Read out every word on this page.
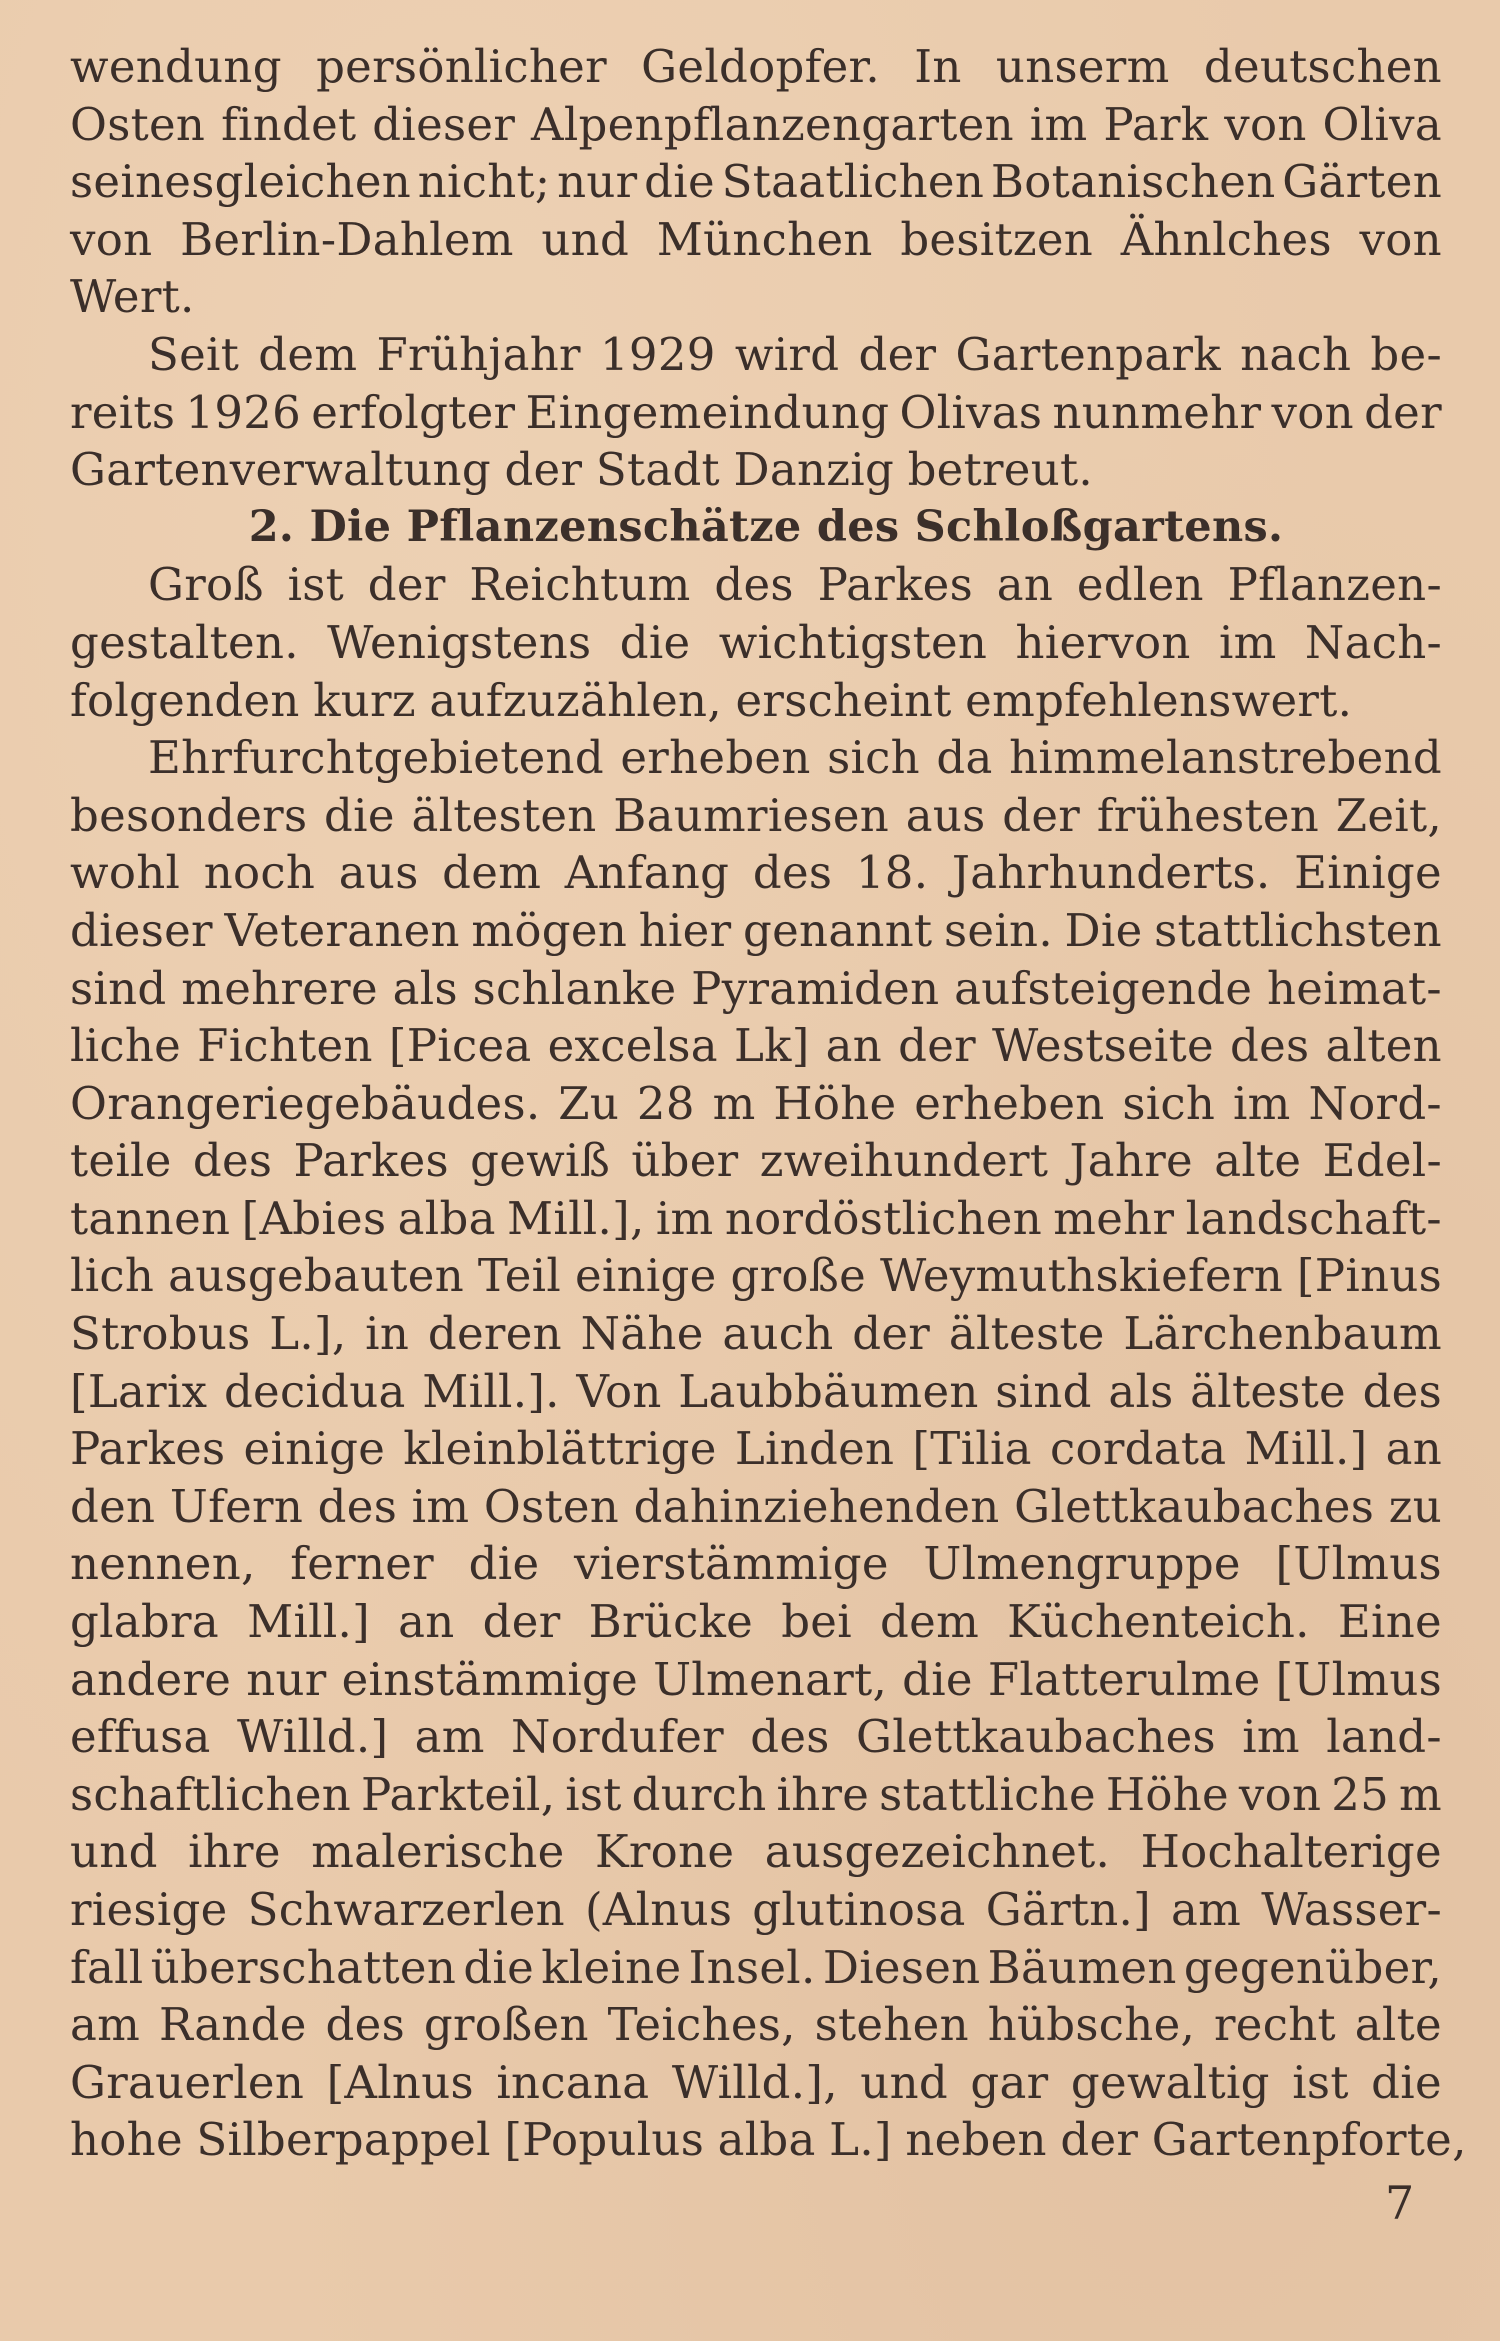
wendung persönlicher Geldopfer. In unserm deutschen
Osten findet dieser Alpenpflanzengarten im Park von Oliva
seinesgleichen nicht; nur die Staatlichen Botanischen Gärten
von Berlin-Dahlem und München besitzen Ähnlches von
Wert.
Seit dem Frühjahr 1929 wird der Gartenpark nach be-
reits 1926 erfolgter Eingemeindung Olivas nunmehr von der
Gartenverwaltung der Stadt Danzig betreut.
2. Die Pflanzenschätze des Schloßgartens.
Groß ist der Reichtum des Parkes an edlen Pflanzen-
gestalten. Wenigstens die wichtigsten hiervon im Nach-
folgenden kurz aufzuzählen, erscheint empfehlenswert.
Ehrfurchtgebietend erheben sich da himmelanstrebend
besonders die ältesten Baumriesen aus der frühesten Zeit,
wohl noch aus dem Anfang des 18. Jahrhunderts. Einige
dieser Veteranen mögen hier genannt sein. Die stattlichsten
sind mehrere als schlanke Pyramiden aufsteigende heimat-
liche Fichten [Picea excelsa Lk] an der Westseite des alten
Orangeriegebäudes. Zu 28 m Höhe erheben sich im Nord-
teile des Parkes gewiß über zweihundert Jahre alte Edel-
tannen [Abies alba Mill.], im nordöstlichen mehr landschaft-
lich ausgebauten Teil einige große Weymuthskiefern [Pinus
Strobus L.], in deren Nähe auch der älteste Lärchenbaum
[Larix decidua Mill.]. Von Laubbäumen sind als älteste des
Parkes einige kleinblättrige Linden [Tilia cordata Mill.] an
den Ufern des im Osten dahinziehenden Glettkaubaches zu
nennen, ferner die vierstämmige Ulmengruppe [Ulmus
glabra Mill.] an der Brücke bei dem Küchenteich. Eine
andere nur einstämmige Ulmenart, die Flatterulme [Ulmus
effusa Willd.] am Nordufer des Glettkaubaches im land-
schaftlichen Parkteil, ist durch ihre stattliche Höhe von 25 m
und ihre malerische Krone ausgezeichnet. Hochalterige
riesige Schwarzerlen (Alnus glutinosa Gärtn.] am Wasser-
fall überschatten die kleine Insel. Diesen Bäumen gegenüber,
am Rande des großen Teiches, stehen hübsche, recht alte
Grauerlen [Alnus incana Willd.], und gar gewaltig ist die
hohe Silberpappel [Populus alba L.] neben der Gartenpforte,
7
